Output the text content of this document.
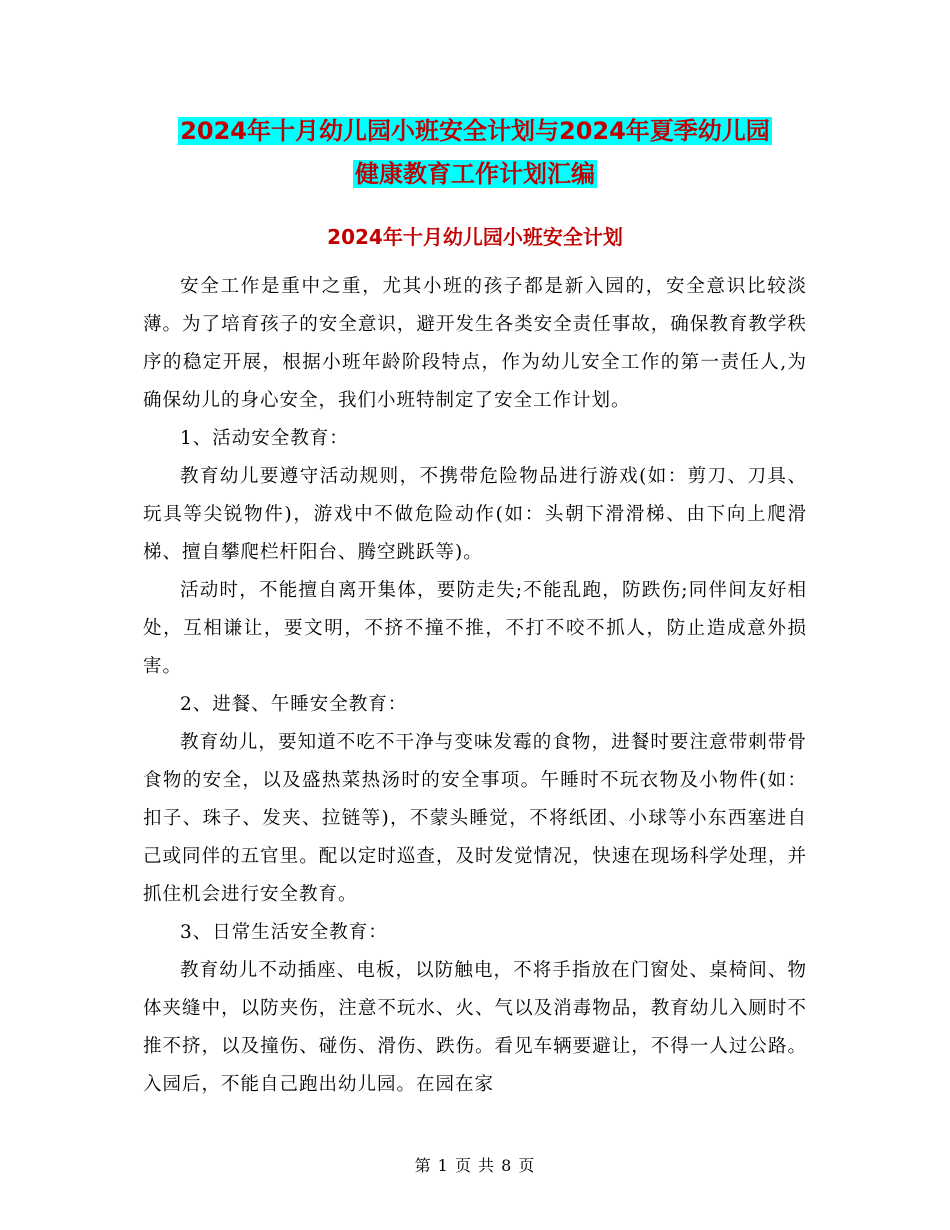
2024年十月幼儿园小班安全计划与2024年夏季幼儿园
健康教育工作计划汇编
2024年十月幼儿园小班安全计划

安全工作是重中之重，尤其小班的孩子都是新入园的，安全意识比较淡薄。为了培育孩子的安全意识，避开发生各类安全责任事故，确保教育教学秩序的稳定开展，根据小班年龄阶段特点，作为幼儿安全工作的第一责任人,为确保幼儿的身心安全，我们小班特制定了安全工作计划。

1、活动安全教育：

教育幼儿要遵守活动规则，不携带危险物品进行游戏(如：剪刀、刀具、玩具等尖锐物件)，游戏中不做危险动作(如：头朝下滑滑梯、由下向上爬滑梯、擅自攀爬栏杆阳台、腾空跳跃等)。

活动时，不能擅自离开集体，要防走失;不能乱跑，防跌伤;同伴间友好相处，互相谦让，要文明，不挤不撞不推，不打不咬不抓人，防止造成意外损害。

2、进餐、午睡安全教育：

教育幼儿，要知道不吃不干净与变味发霉的食物，进餐时要注意带刺带骨食物的安全，以及盛热菜热汤时的安全事项。午睡时不玩衣物及小物件(如：扣子、珠子、发夹、拉链等)，不蒙头睡觉，不将纸团、小球等小东西塞进自己或同伴的五官里。配以定时巡查，及时发觉情况，快速在现场科学处理，并抓住机会进行安全教育。

3、日常生活安全教育：

教育幼儿不动插座、电板，以防触电，不将手指放在门窗处、桌椅间、物体夹缝中，以防夹伤，注意不玩水、火、气以及消毒物品，教育幼儿入厕时不推不挤，以及撞伤、碰伤、滑伤、跌伤。看见车辆要避让，不得一人过公路。入园后，不能自己跑出幼儿园。在园在家

第 1 页 共 8 页
